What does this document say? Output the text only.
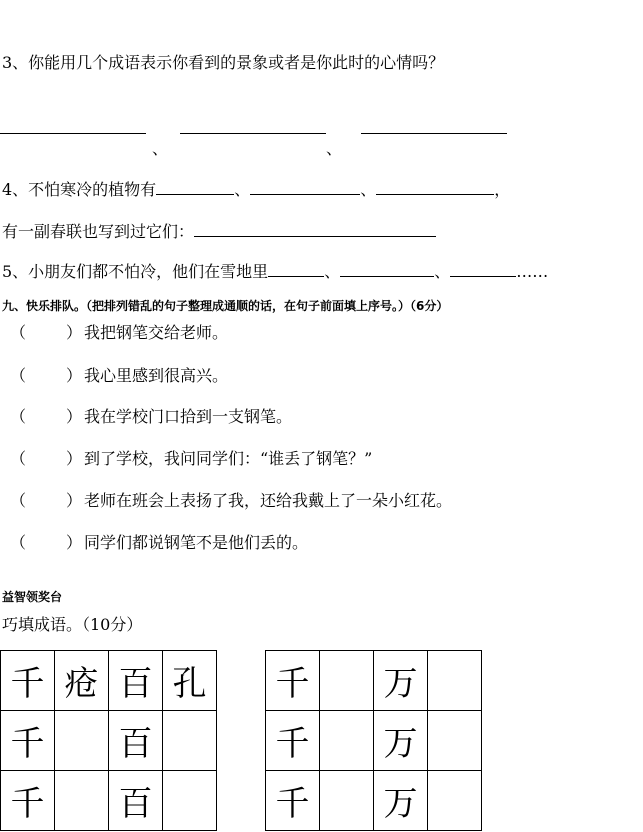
3、你能用几个成语表示你看到的景象或者是你此时的心情吗？
、	、
4、不怕寒冷的植物有	、	、	，
有一副春联也写到过它们：
5、小朋友们都不怕冷，他们在雪地里	、	、	……
九、快乐排队。（把排列错乱的句子整理成通顺的话，在句子前面填上序号。）（6分）
（ ） 我把钢笔交给老师。
（ ） 我心里感到很高兴。
（ ） 我在学校门口拾到一支钢笔。
（ ） 到了学校，我问同学们：“谁丢了钢笔？”
（ ） 老师在班会上表扬了我，还给我戴上了一朵小红花。
（ ） 同学们都说钢笔不是他们丢的。
益智领奖台
巧填成语。（10分）
千	疮	百	孔
千		百	
千		百	
千		万	
千		万	
千		万	
